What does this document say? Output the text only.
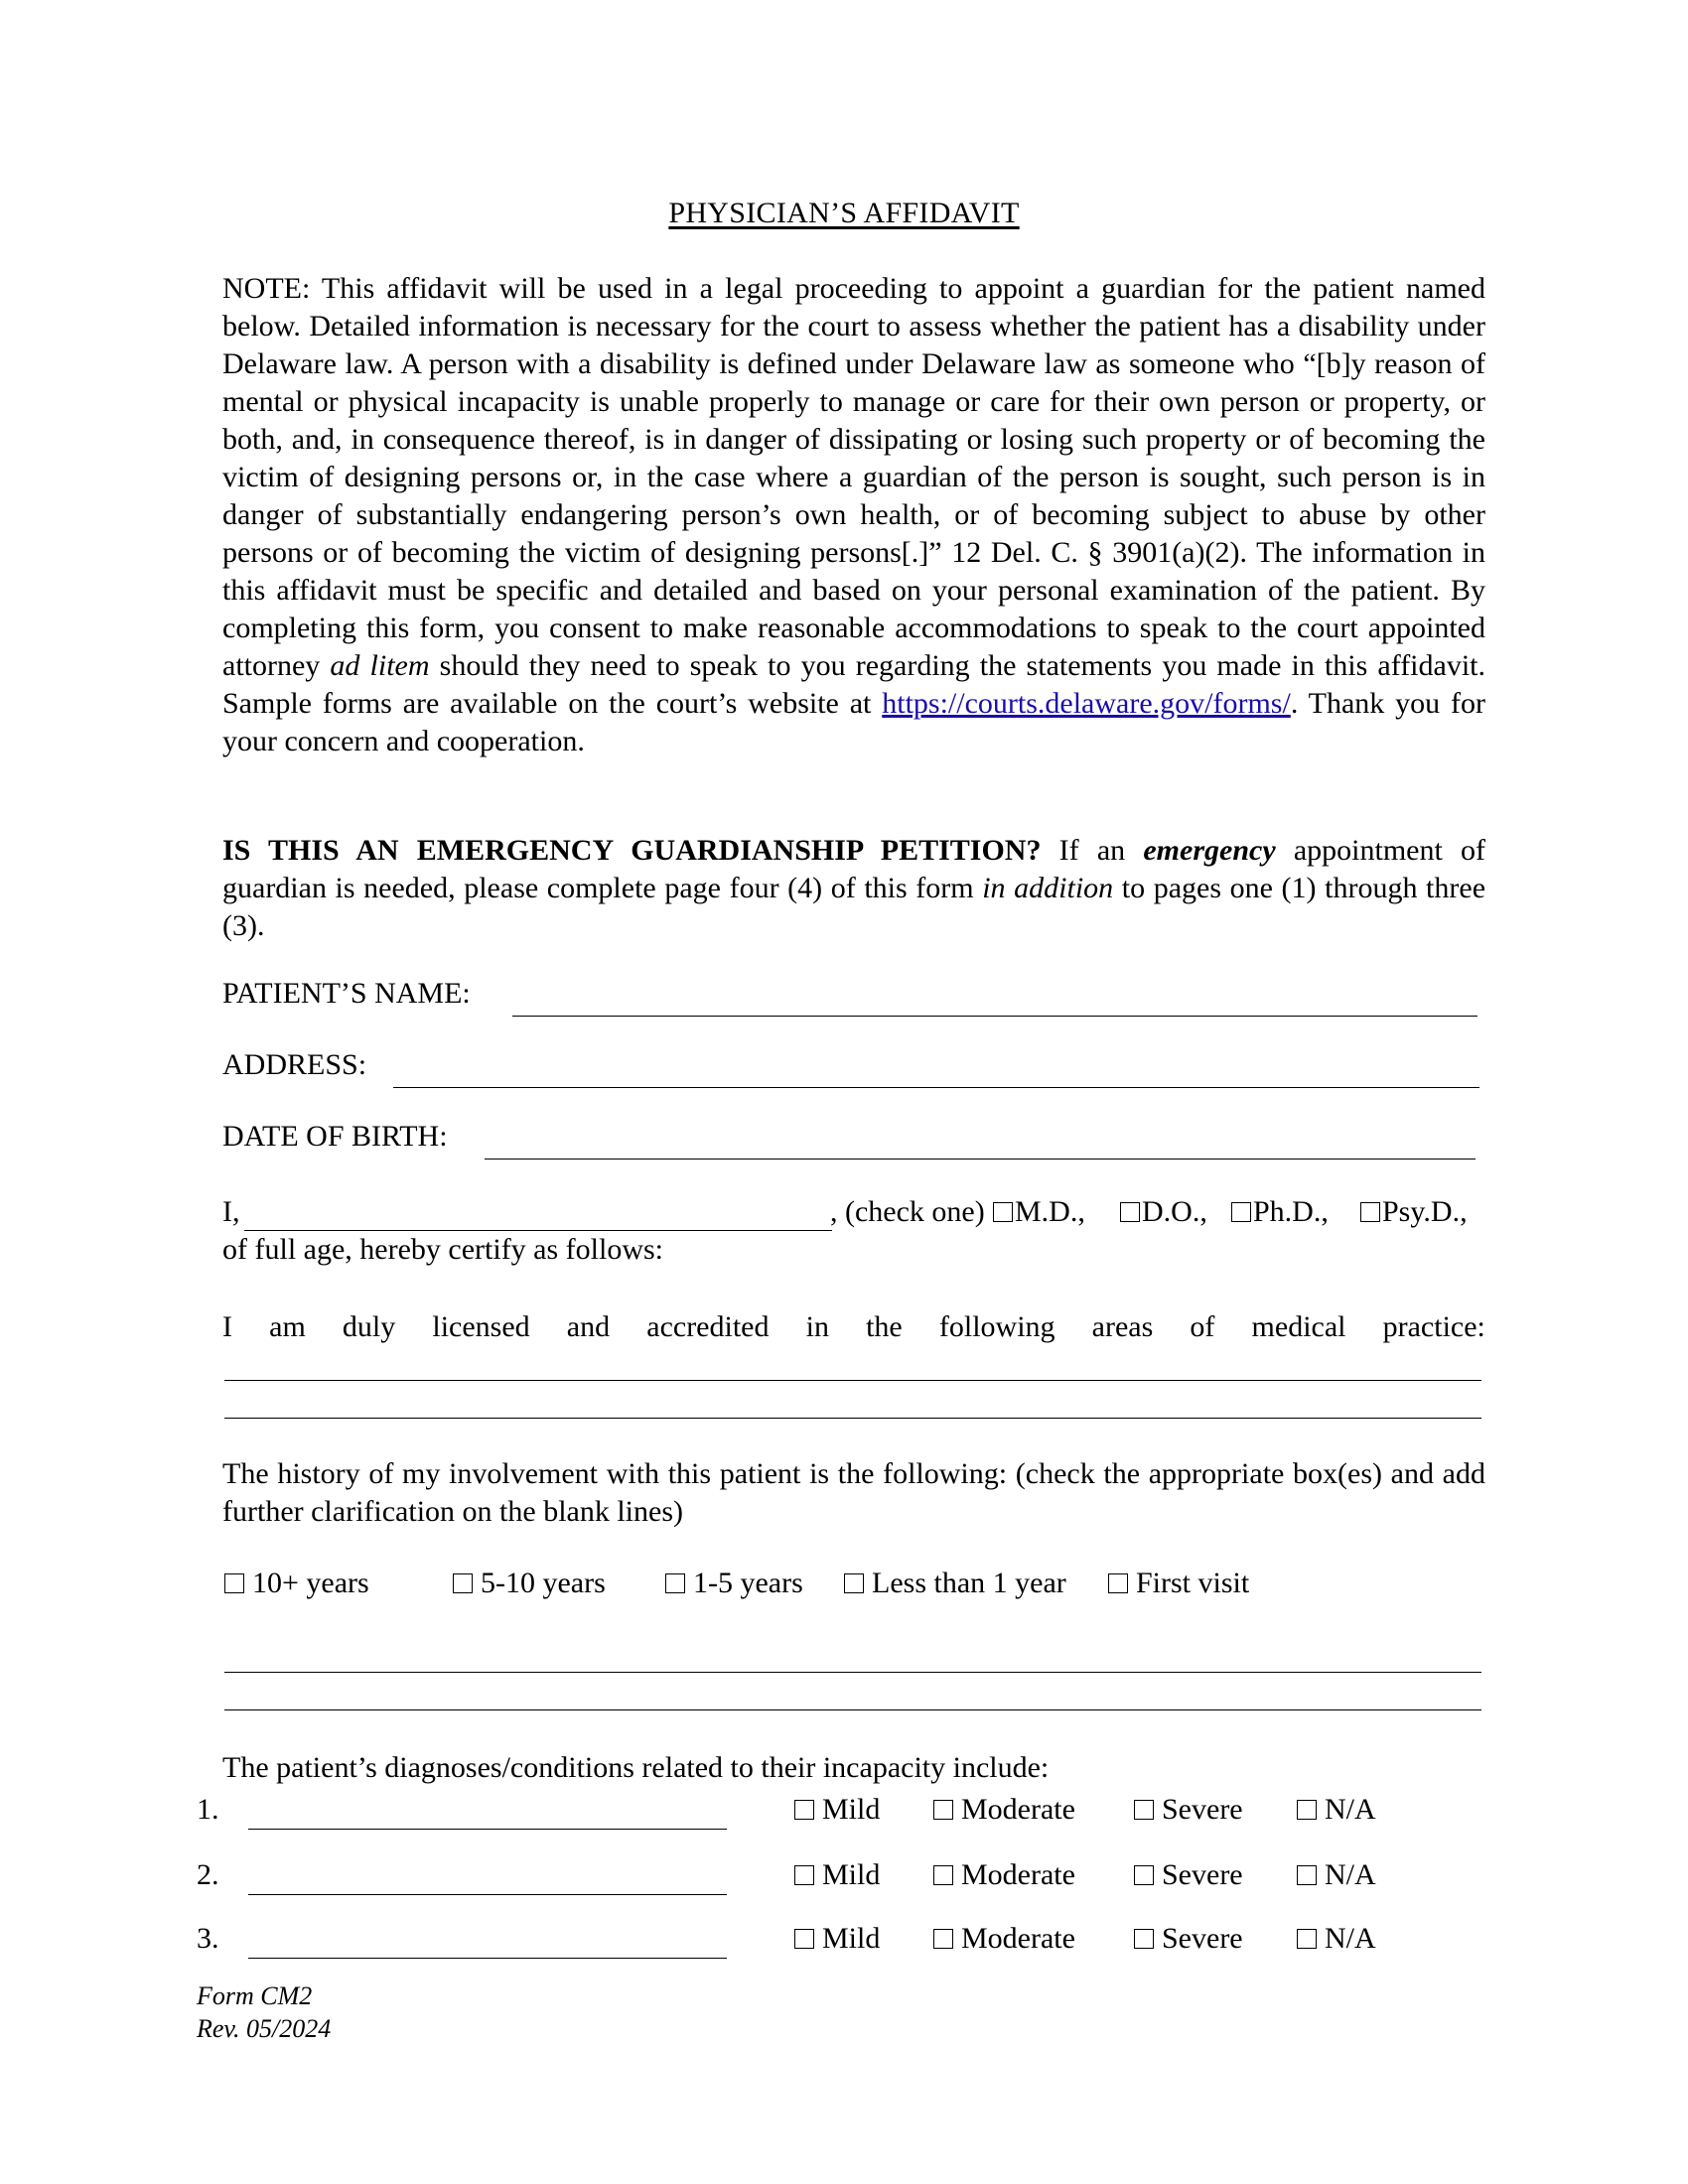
PHYSICIAN’S AFFIDAVIT
NOTE: This affidavit will be used in a legal proceeding to appoint a guardian for the patient named below. Detailed information is necessary for the court to assess whether the patient has a disability under Delaware law. A person with a disability is defined under Delaware law as someone who “[b]y reason of mental or physical incapacity is unable properly to manage or care for their own person or property, or both, and, in consequence thereof, is in danger of dissipating or losing such property or of becoming the victim of designing persons or, in the case where a guardian of the person is sought, such person is in danger of substantially endangering person’s own health, or of becoming subject to abuse by other persons or of becoming the victim of designing persons[.]” 12 Del. C. § 3901(a)(2). The information in this affidavit must be specific and detailed and based on your personal examination of the patient. By completing this form, you consent to make reasonable accommodations to speak to the court appointed attorney ad litem should they need to speak to you regarding the statements you made in this affidavit. Sample forms are available on the court’s website at https://courts.delaware.gov/forms/. Thank you for your concern and cooperation.
IS THIS AN EMERGENCY GUARDIANSHIP PETITION? If an emergency appointment of guardian is needed, please complete page four (4) of this form in addition to pages one (1) through three (3).
PATIENT’S NAME:
ADDRESS:
DATE OF BIRTH:
I,	, (check one)	M.D.,	D.O.,	Ph.D.,	Psy.D.,
of full age, hereby certify as follows:
I am duly licensed and accredited in the following areas of medical practice:
The history of my involvement with this patient is the following: (check the appropriate box(es) and add further clarification on the blank lines)
10+ years	5-10 years	1-5 years	Less than 1 year	First visit
The patient’s diagnoses/conditions related to their incapacity include:
1.	Mild	Moderate	Severe	N/A
2.	Mild	Moderate	Severe	N/A
3.	Mild	Moderate	Severe	N/A
Form CM2
Rev. 05/2024
